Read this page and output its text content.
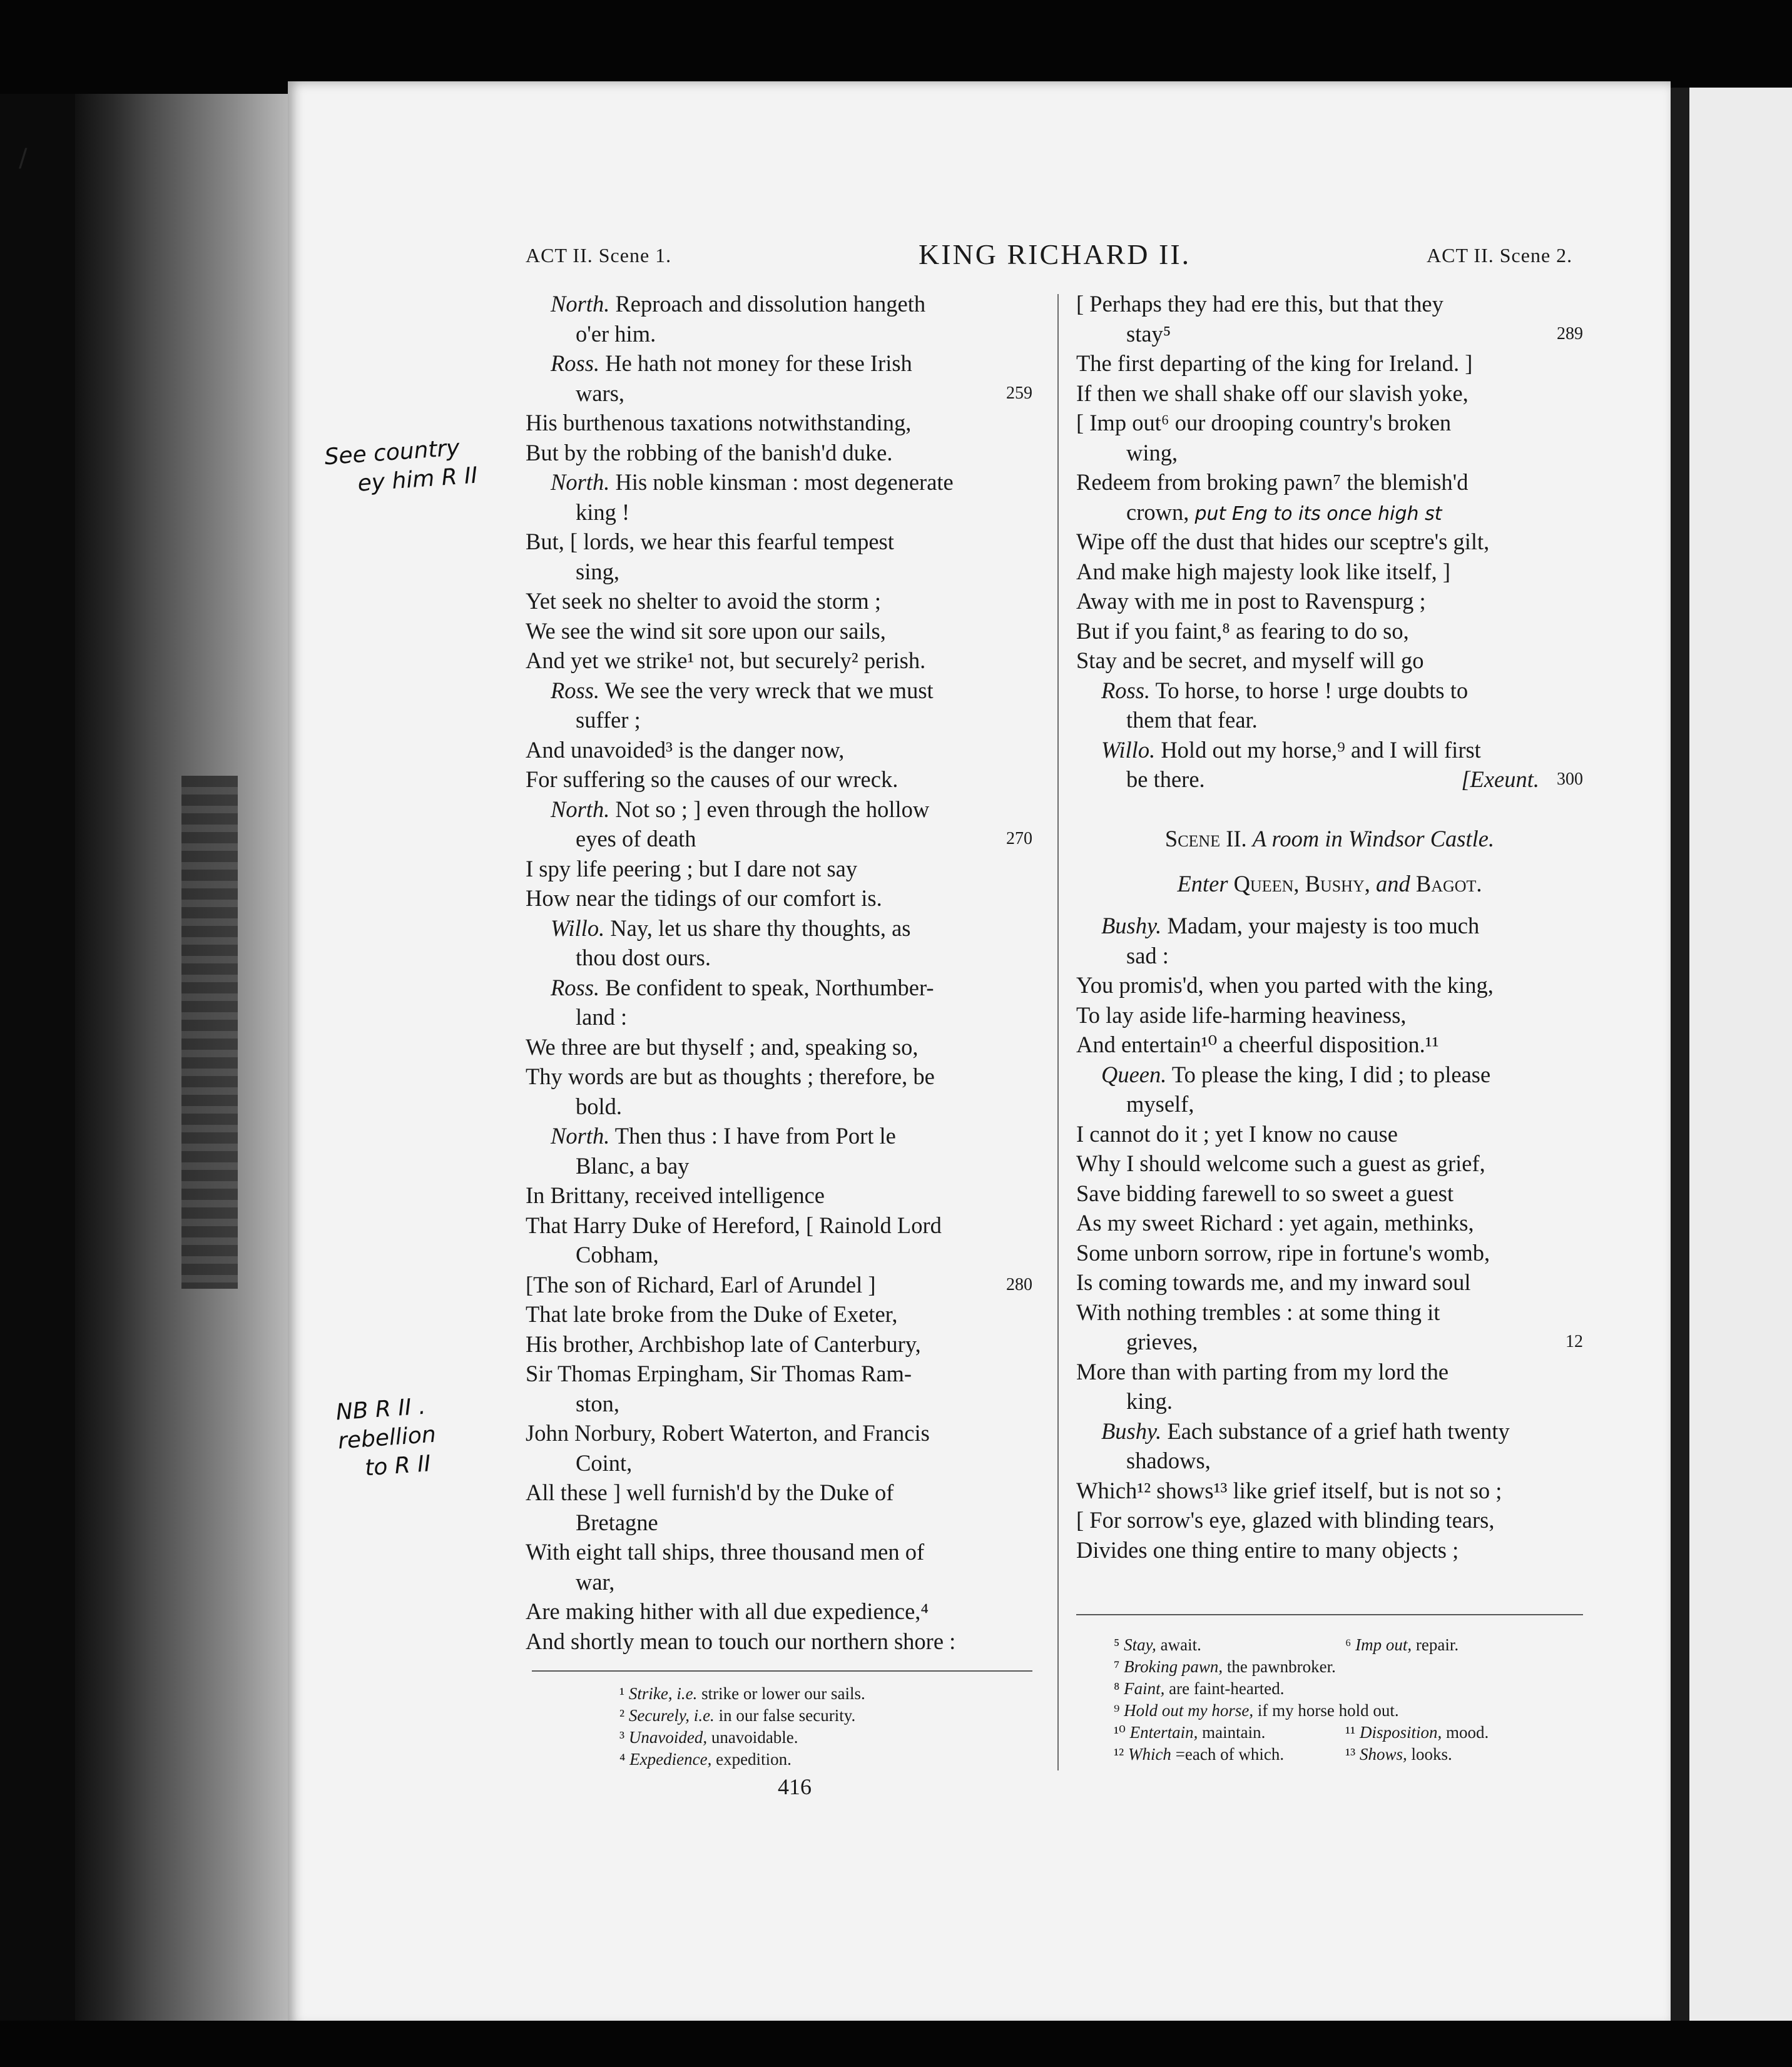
ACT II. Scene 1.	KING RICHARD II.	ACT II. Scene 2.
North. Reproach and dissolution hangeth
o'er him.
Ross. He hath not money for these Irish
wars,	259
His burthenous taxations notwithstanding,
But by the robbing of the banish'd duke.
North. His noble kinsman : most degenerate
king !
But, [ lords, we hear this fearful tempest
sing,
Yet seek no shelter to avoid the storm ;
We see the wind sit sore upon our sails,
And yet we strike¹ not, but securely² perish.
Ross. We see the very wreck that we must
suffer ;
And unavoided³ is the danger now,
For suffering so the causes of our wreck.
North. Not so ; ] even through the hollow
eyes of death	270
I spy life peering ; but I dare not say
How near the tidings of our comfort is.
Willo. Nay, let us share thy thoughts, as
thou dost ours.
Ross. Be confident to speak, Northumber-
land :
We three are but thyself ; and, speaking so,
Thy words are but as thoughts ; therefore, be
bold.
North. Then thus : I have from Port le
Blanc, a bay
In Brittany, received intelligence
That Harry Duke of Hereford, [ Rainold Lord
Cobham,
[The son of Richard, Earl of Arundel ]	280
That late broke from the Duke of Exeter,
His brother, Archbishop late of Canterbury,
Sir Thomas Erpingham, Sir Thomas Ram-
ston,
John Norbury, Robert Waterton, and Francis
Coint,
All these ] well furnish'd by the Duke of
Bretagne
With eight tall ships, three thousand men of
war,
Are making hither with all due expedience,⁴
And shortly mean to touch our northern shore :
[ Perhaps they had ere this, but that they
stay⁵	289
The first departing of the king for Ireland. ]
If then we shall shake off our slavish yoke,
[ Imp out⁶ our drooping country's broken
wing,
Redeem from broking pawn⁷ the blemish'd
crown, put Eng to its once high st
Wipe off the dust that hides our sceptre's gilt,
And make high majesty look like itself, ]
Away with me in post to Ravenspurg ;
But if you faint,⁸ as fearing to do so,
Stay and be secret, and myself will go
Ross. To horse, to horse ! urge doubts to
them that fear.
Willo. Hold out my horse,⁹ and I will first
be there.	[Exeunt. 300
Scene II. A room in Windsor Castle.
Enter Queen, Bushy, and Bagot.
Bushy. Madam, your majesty is too much
sad :
You promis'd, when you parted with the king,
To lay aside life-harming heaviness,
And entertain¹⁰ a cheerful disposition.¹¹
Queen. To please the king, I did ; to please
myself,
I cannot do it ; yet I know no cause
Why I should welcome such a guest as grief,
Save bidding farewell to so sweet a guest
As my sweet Richard : yet again, methinks,
Some unborn sorrow, ripe in fortune's womb,
Is coming towards me, and my inward soul
With nothing trembles : at some thing it
grieves,	12
More than with parting from my lord the
king.
Bushy. Each substance of a grief hath twenty
shadows,
Which¹² shows¹³ like grief itself, but is not so ;
[ For sorrow's eye, glazed with blinding tears,
Divides one thing entire to many objects ;
¹ Strike, i.e. strike or lower our sails.
² Securely, i.e. in our false security.
³ Unavoided, unavoidable.
⁴ Expedience, expedition.
⁵ Stay, await.	⁶ Imp out, repair.
⁷ Broking pawn, the pawnbroker.
⁸ Faint, are faint-hearted.
⁹ Hold out my horse, if my horse hold out.
¹⁰ Entertain, maintain.	¹¹ Disposition, mood.
¹² Which =each of which.	¹³ Shows, looks.
416
See country
ey him R II
NB R II .
rebellion
to R II
/
